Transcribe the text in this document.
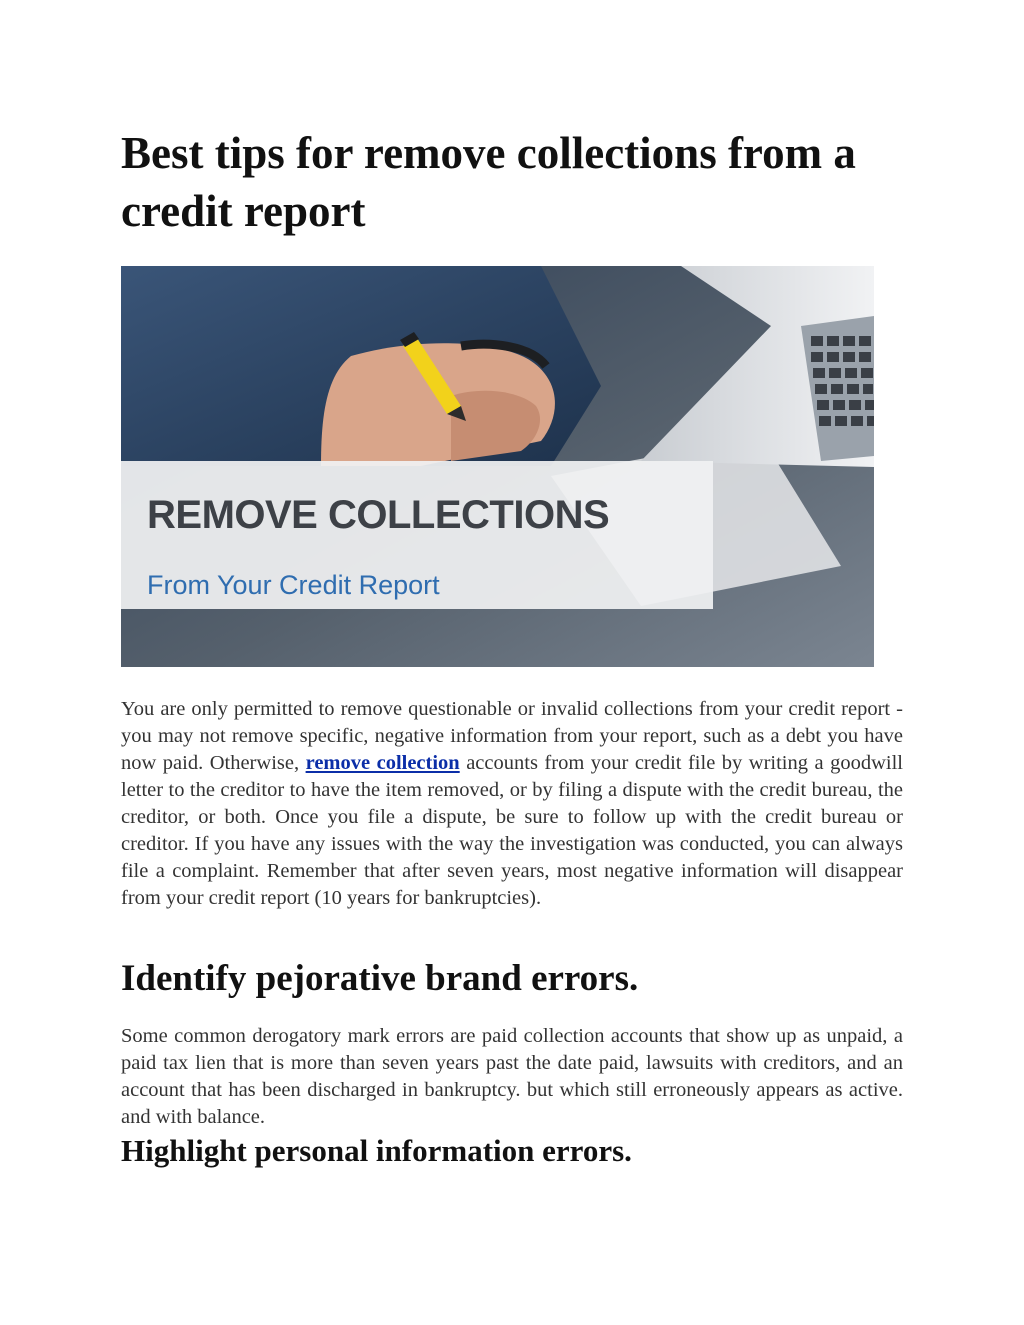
Best tips for remove collections from a credit report
REMOVE COLLECTIONS
From Your Credit Report

You are only permitted to remove questionable or invalid collections from your credit report - you may not remove specific, negative information from your report, such as a debt you have now paid. Otherwise, remove collection accounts from your credit file by writing a goodwill letter to the creditor to have the item removed, or by filing a dispute with the credit bureau, the creditor, or both. Once you file a dispute, be sure to follow up with the credit bureau or creditor. If you have any issues with the way the investigation was conducted, you can always file a complaint. Remember that after seven years, most negative information will disappear from your credit report (10 years for bankruptcies).

Identify pejorative brand errors.

Some common derogatory mark errors are paid collection accounts that show up as unpaid, a paid tax lien that is more than seven years past the date paid, lawsuits with creditors, and an account that has been discharged in bankruptcy. but which still erroneously appears as active. and with balance.

Highlight personal information errors.
